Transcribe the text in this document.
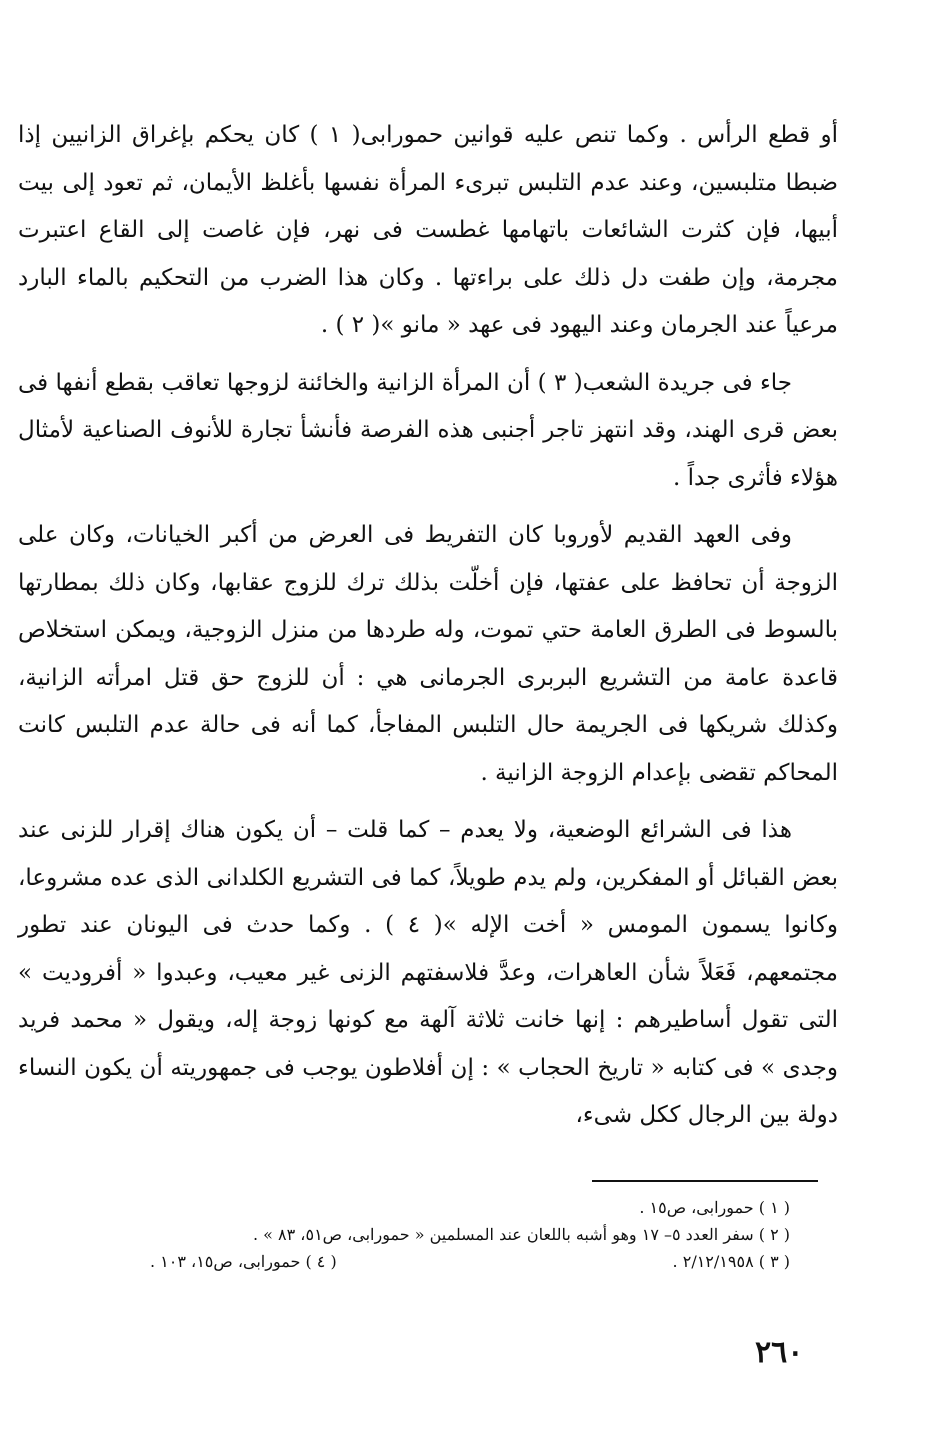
أو قطع الرأس . وكما تنص عليه قوانين حمورابى( ١ ) كان يحكم بإغراق الزانيين إذا ضبطا متلبسين، وعند عدم التلبس تبرىء المرأة نفسها بأغلظ الأيمان، ثم تعود إلى بيت أبيها، فإن كثرت الشائعات باتهامها غطست فى نهر، فإن غاصت إلى القاع اعتبرت مجرمة، وإن طفت دل ذلك على براءتها . وكان هذا الضرب من التحكيم بالماء البارد مرعياً عند الجرمان وعند اليهود فى عهد « مانو »( ٢ ) .

جاء فى جريدة الشعب( ٣ ) أن المرأة الزانية والخائنة لزوجها تعاقب بقطع أنفها فى بعض قرى الهند، وقد انتهز تاجر أجنبى هذه الفرصة فأنشأ تجارة للأنوف الصناعية لأمثال هؤلاء فأثرى جداً .

وفى العهد القديم لأوروبا كان التفريط فى العرض من أكبر الخيانات، وكان على الزوجة أن تحافظ على عفتها، فإن أخلّت بذلك ترك للزوج عقابها، وكان ذلك بمطارتها بالسوط فى الطرق العامة حتي تموت، وله طردها من منزل الزوجية، ويمكن استخلاص قاعدة عامة من التشريع البربرى الجرمانى هي : أن للزوج حق قتل امرأته الزانية، وكذلك شريكها فى الجريمة حال التلبس المفاجأ، كما أنه فى حالة عدم التلبس كانت المحاكم تقضى بإعدام الزوجة الزانية .

هذا فى الشرائع الوضعية، ولا يعدم – كما قلت – أن يكون هناك إقرار للزنى عند بعض القبائل أو المفكرين، ولم يدم طويلاً، كما فى التشريع الكلدانى الذى عده مشروعا، وكانوا يسمون المومس « أخت الإله »( ٤ ) . وكما حدث فى اليونان عند تطور مجتمعهم، فَعَلاً شأن العاهرات، وعدَّ فلاسفتهم الزنى غير معيب، وعبدوا « أفروديت » التى تقول أساطيرهم : إنها خانت ثلاثة آلهة مع كونها زوجة إله، ويقول « محمد فريد وجدى » فى كتابه « تاريخ الحجاب » : إن أفلاطون يوجب فى جمهوريته أن يكون النساء دولة بين الرجال ككل شىء،

( ١ ) حمورابى، ص١٥ .

( ٢ ) سفر العدد ٥– ١٧ وهو أشبه باللعان عند المسلمين « حمورابى، ص٥١، ٨٣ » .

( ٣ ) ٢/١٢/١٩٥٨ .
( ٤ ) حمورابى، ص١٥، ١٠٣ .
٢٦٠
